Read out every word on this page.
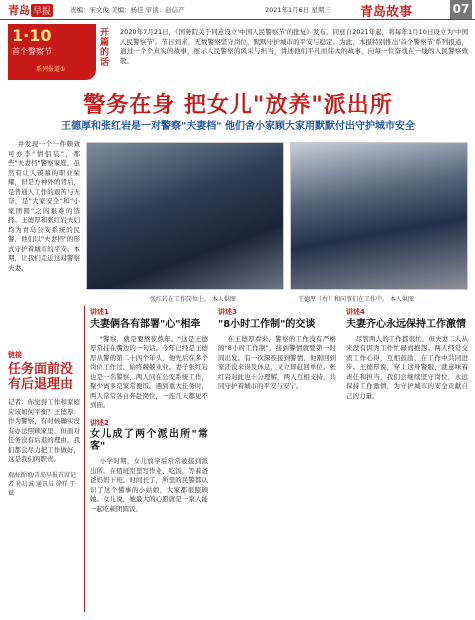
青岛 早报	责编：宋文俊 美编：杨佳 审读：赵信产	2021年1月6日 星期三 青岛故事	07
1·10
首个警察节
系列报道①
开篇的话
2020年7月21日，《国务院关于同意设立'中国人民警察节'的批复》发布，同意自2021年起，将每年1月10日设立为'中国人民警察节'。节日到来，无数警察坚守岗位，默默守护城市的平安与稳定。为此，本报特别推出'首个警察节'系列报道，通过一个个真实的故事，展示人民警察的风采与担当，讲述他们平凡而伟大的故事，向每一位奋战在一线的人民警察致敬。
警务在身 把女儿"放养"派出所
王德厚和张红岩是一对警察"夫妻档" 他们舍小家顾大家用默默付出守护城市安全

并发现一个一件颇效可亦李"情侣装"，那些"夫妻档"警察家庭，虽然有让人羡慕的职业荣耀，但是方神外的背后，是普通人工作的艰苦与无奈，是"大家安全"和"小家团圆"之间艰难的选择。王德厚和张红岩夫妇均为青岛公安系统的民警，他们以"夫妻档"的形式守护着城市的平安。本期，让我们走近这对警察夫妻。

张红岩在工作岗位上。 本人供图	王德厚（右）和同事们在工作中。 本人供图
链接
任务面前没有后退理由
记者：你觉得工作和家庭应该如何平衡？王德厚：作为警察，有时候确实没有办法照顾家里，但面对任务没有后退的理由。我们都会尽力把工作做好，这是我们的职责。
观海新闻/青岛早报首席记者 孙启诚 通讯员 徐祥 王斌
讲述1
夫妻俩各有部署"心"相牵

"警察，就是要熬夜熬年。"这是王德厚常挂在嘴边的一句话。今年已经是王德厚从警的第二十四个年头，他先后在多个岗位工作过，始终兢兢业业。妻子张红岩也是一名警察，两人同在公安系统工作，聚少离多是家常便饭。遇到重大任务时，两人常常各自奔赴岗位，一连几天都见不到面。

讲述2
女儿成了两个派出所"常客"

小学时期，女儿放学后常常被接到派出所。在值班室里写作业、吃饭，等着爸爸妈妈下班。时间长了，所里的民警都认识了这个懂事的小姑娘，大家都很照顾她。女儿说，她最大的心愿就是一家人能一起吃顿团圆饭。

讲述3
"8小时工作制"的交谈

在王德厚看来，警察的工作没有严格的"8小时工作制"，接到警情就要第一时间出发。有一次深夜接到警情，他刚回到家还没来得及休息，又立即赶回单位。张红岩对此也十分理解，两人互相支持，共同守护着城市的平安与安宁。

讲述4
夫妻齐心永远保持工作激情

尽管两人的工作都很忙，但夫妻二人从来没有因为工作忙碌而抱怨。两人经常交流工作心得，互相鼓励，在工作中共同进步。王德厚说，穿上这身警服，就意味着责任和担当，我们会继续坚守岗位，永远保持工作激情，为守护城市的安全贡献自己的力量。
